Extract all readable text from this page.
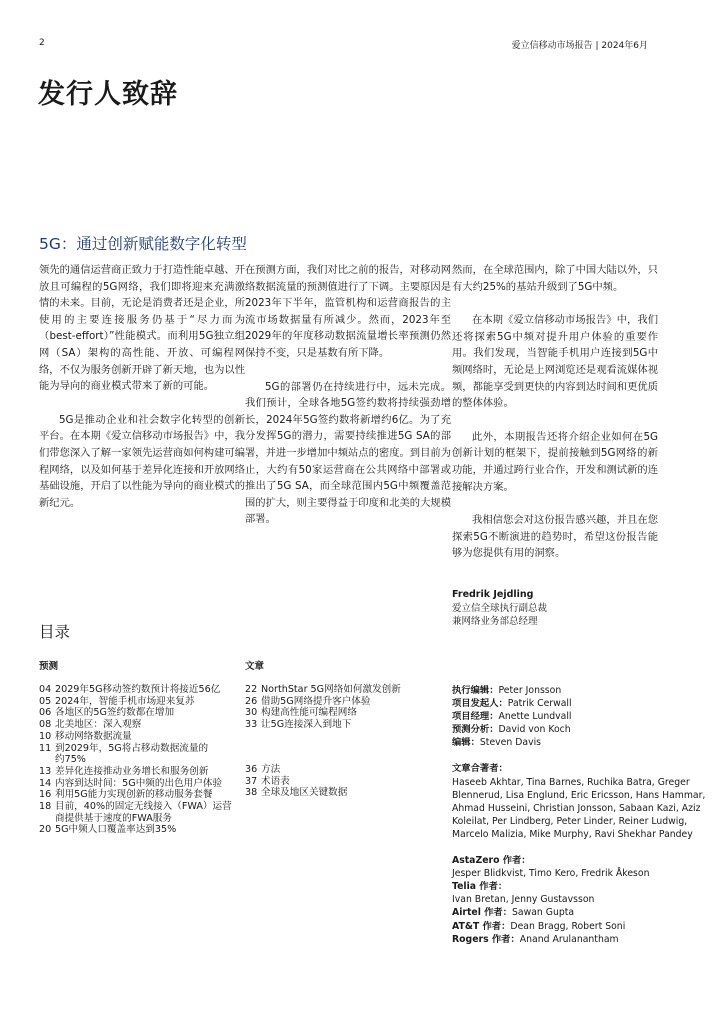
2	爱立信移动市场报告 | 2024年6月
发行人致辞
5G：通过创新赋能数字化转型

领先的通信运营商正致力于打造性能卓越、开放且可编程的5G网络，我们即将迎来充满激情的未来。目前，无论是消费者还是企业，所使用的主要连接服务仍基于“尽力而为（best-effort）”性能模式。而利用5G独立组网（SA）架构的高性能、开放、可编程网络，不仅为服务创新开辟了新天地，也为以性能为导向的商业模式带来了新的可能。

5G是推动企业和社会数字化转型的创新平台。在本期《爱立信移动市场报告》中，我们带您深入了解一家领先运营商如何构建可编程网络，以及如何基于差异化连接和开放网络基础设施，开启了以性能为导向的商业模式的新纪元。

在预测方面，我们对比之前的报告，对移动网络数据流量的预测值进行了下调。主要原因是2023年下半年，监管机构和运营商报告的主流市场数据量有所减少。然而，2023年至2029年的年度移动数据流量增长率预测仍然保持不变，只是基数有所下降。

5G的部署仍在持续进行中，远未完成。我们预计，全球各地5G签约数将持续强劲增长，2024年5G签约数将新增约6亿。为了充分发挥5G的潜力，需要持续推进5G SA的部署，并进一步增加中频站点的密度。到目前为止，大约有50家运营商在公共网络中部署或推出了5G SA，而全球范围内5G中频覆盖范围的扩大，则主要得益于印度和北美的大规模部署。

然而，在全球范围内，除了中国大陆以外，只有大约25%的基站升级到了5G中频。

在本期《爱立信移动市场报告》中，我们还将探索5G中频对提升用户体验的重要作用。我们发现，当智能手机用户连接到5G中频网络时，无论是上网浏览还是观看流媒体视频，都能享受到更快的内容到达时间和更优质的整体体验。

此外，本期报告还将介绍企业如何在5G创新计划的框架下，提前接触到5G网络的新功能，并通过跨行业合作，开发和测试新的连接解决方案。

我相信您会对这份报告感兴趣，并且在您探索5G不断演进的趋势时，希望这份报告能够为您提供有用的洞察。

Fredrik Jejdling
爱立信全球执行副总裁
兼网络业务部总经理
目录
预测	文章
04 2029年5G移动签约数预计将接近56亿
05 2024年，智能手机市场迎来复苏
06 各地区的5G签约数都在增加
08 北美地区：深入观察
10 移动网络数据流量
11 到2029年，5G将占移动数据流量的
约75%
13 差异化连接推动业务增长和服务创新
14 内容到达时间：5G中频的出色用户体验
16 利用5G能力实现创新的移动服务套餐
18 目前，40%的固定无线接入（FWA）运营
商提供基于速度的FWA服务
20 5G中频人口覆盖率达到35%
22 NorthStar 5G网络如何激发创新
26 借助5G网络提升客户体验
30 构建高性能可编程网络
33 让5G连接深入到地下
36 方法
37 术语表
38 全球及地区关键数据
执行编辑：Peter Jonsson
项目发起人：Patrik Cerwall
项目经理：Anette Lundvall
预测分析：David von Koch
编辑：Steven Davis
文章合著者：
Haseeb Akhtar, Tina Barnes, Ruchika Batra, Greger Blennerud, Lisa Englund, Eric Ericsson, Hans Hammar, Ahmad Husseini, Christian Jonsson, Sabaan Kazi, Aziz Koleilat, Per Lindberg, Peter Linder, Reiner Ludwig, Marcelo Malizia, Mike Murphy, Ravi Shekhar Pandey
AstaZero 作者：
Jesper Blidkvist, Timo Kero, Fredrik Åkeson
Telia 作者：
Ivan Bretan, Jenny Gustavsson
Airtel 作者：Sawan Gupta
AT&T 作者：Dean Bragg, Robert Soni
Rogers 作者：Anand Arulanantham
